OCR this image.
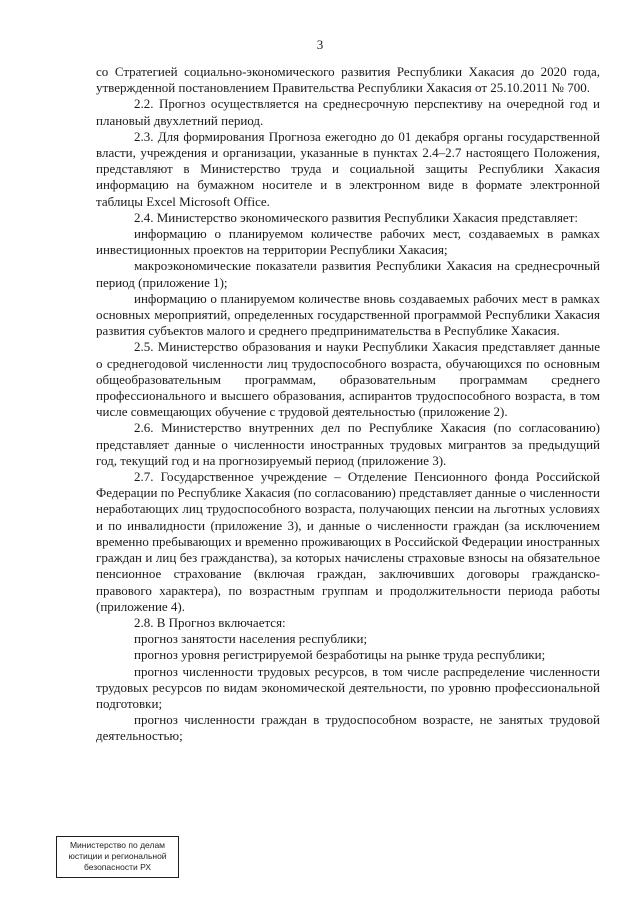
3

со Стратегией социально-экономического развития Республики Хакасия до 2020 года, утвержденной постановлением Правительства Республики Хакасия от 25.10.2011 № 700.

2.2. Прогноз осуществляется на среднесрочную перспективу на очередной год и плановый двухлетний период.

2.3. Для формирования Прогноза ежегодно до 01 декабря органы государственной власти, учреждения и организации, указанные в пунктах 2.4–2.7 настоящего Положения, представляют в Министерство труда и социальной защиты Республики Хакасия информацию на бумажном носителе и в электронном виде в формате электронной таблицы Excel Microsoft Office.

2.4. Министерство экономического развития Республики Хакасия представляет:

информацию о планируемом количестве рабочих мест, создаваемых в рамках инвестиционных проектов на территории Республики Хакасия;

макроэкономические показатели развития Республики Хакасия на среднесрочный период (приложение 1);

информацию о планируемом количестве вновь создаваемых рабочих мест в рамках основных мероприятий, определенных государственной программой Республики Хакасия развития субъектов малого и среднего предпринимательства в Республике Хакасия.

2.5. Министерство образования и науки Республики Хакасия представляет данные о среднегодовой численности лиц трудоспособного возраста, обучающихся по основным общеобразовательным программам, образовательным программам среднего профессионального и высшего образования, аспирантов трудоспособного возраста, в том числе совмещающих обучение с трудовой деятельностью (приложение 2).

2.6. Министерство внутренних дел по Республике Хакасия (по согласованию) представляет данные о численности иностранных трудовых мигрантов за предыдущий год, текущий год и на прогнозируемый период (приложение 3).

2.7. Государственное учреждение – Отделение Пенсионного фонда Российской Федерации по Республике Хакасия (по согласованию) представляет данные о численности неработающих лиц трудоспособного возраста, получающих пенсии на льготных условиях и по инвалидности (приложение 3), и данные о численности граждан (за исключением временно пребывающих и временно проживающих в Российской Федерации иностранных граждан и лиц без гражданства), за которых начислены страховые взносы на обязательное пенсионное страхование (включая граждан, заключивших договоры гражданско-правового характера), по возрастным группам и продолжительности периода работы (приложение 4).

2.8. В Прогноз включается:

прогноз занятости населения республики;

прогноз уровня регистрируемой безработицы на рынке труда республики;

прогноз численности трудовых ресурсов, в том числе распределение численности трудовых ресурсов по видам экономической деятельности, по уровню профессиональной подготовки;

прогноз численности граждан в трудоспособном возрасте, не занятых трудовой деятельностью;

Министерство по делам
юстиции и региональной
безопасности РХ
